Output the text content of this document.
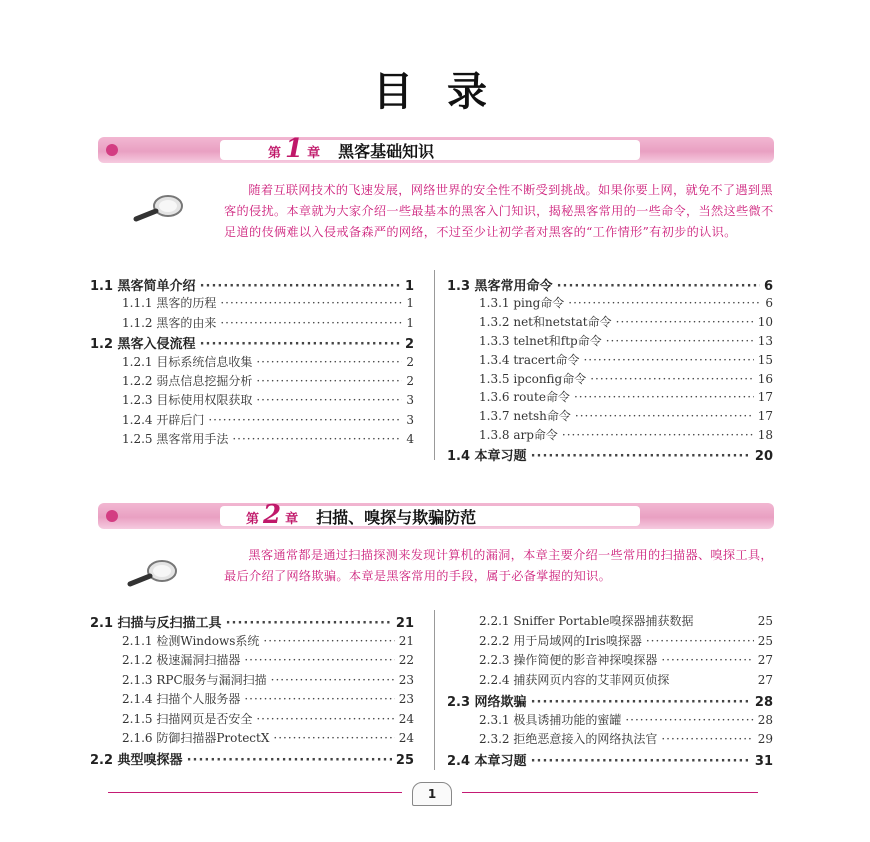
目 录
第 1 章 黑客基础知识
随着互联网技术的飞速发展，网络世界的安全性不断受到挑战。如果你要上网，就免不了遇到黑客的侵扰。本章就为大家介绍一些最基本的黑客入门知识，揭秘黑客常用的一些命令，当然这些微不足道的伎俩难以入侵戒备森严的网络，不过至少让初学者对黑客的“工作情形”有初步的认识。
1.1 黑客简单介绍 ·····	1
1.1.1 黑客的历程 ·····	1
1.1.2 黑客的由来 ·····	1
1.2 黑客入侵流程 ·····	2
1.2.1 目标系统信息收集 ·····	2
1.2.2 弱点信息挖掘分析 ·····	2
1.2.3 目标使用权限获取 ·····	3
1.2.4 开辟后门 ·····	3
1.2.5 黑客常用手法 ·····	4
1.3 黑客常用命令 ·····	6
1.3.1 ping命令 ·····	6
1.3.2 net和netstat命令 ·····	10
1.3.3 telnet和ftp命令 ·····	13
1.3.4 tracert命令 ·····	15
1.3.5 ipconfig命令 ·····	16
1.3.6 route命令 ·····	17
1.3.7 netsh命令 ·····	17
1.3.8 arp命令 ·····	18
1.4 本章习题 ·····	20
第 2 章 扫描、嗅探与欺骗防范
黑客通常都是通过扫描探测来发现计算机的漏洞，本章主要介绍一些常用的扫描器、嗅探工具，最后介绍了网络欺骗。本章是黑客常用的手段，属于必备掌握的知识。
2.1 扫描与反扫描工具 ·····	21
2.1.1 检测Windows系统 ·····	21
2.1.2 极速漏洞扫描器 ·····	22
2.1.3 RPC服务与漏洞扫描 ·····	23
2.1.4 扫描个人服务器 ·····	23
2.1.5 扫描网页是否安全 ·····	24
2.1.6 防御扫描器ProtectX ·····	24
2.2 典型嗅探器 ·····	25
2.2.1 Sniffer Portable嗅探器捕获数据	25
2.2.2 用于局域网的Iris嗅探器 ·····	25
2.2.3 操作简便的影音神探嗅探器 ·····	27
2.2.4 捕获网页内容的艾菲网页侦探	27
2.3 网络欺骗 ·····	28
2.3.1 极具诱捕功能的蜜罐 ·····	28
2.3.2 拒绝恶意接入的网络执法官 ·····	29
2.4 本章习题 ·····	31
1
